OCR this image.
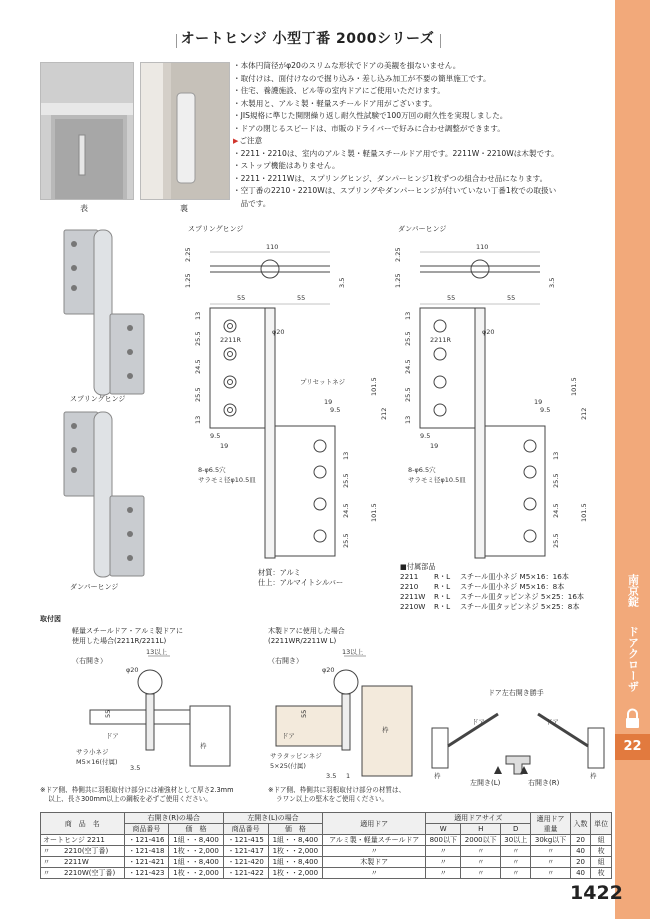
南京錠
ドアクローザ
22
オートヒンジ 小型丁番 2000シリーズ
表	裏
・本体円筒径がφ20のスリムな形状でドアの美観を損ないません。
・取付けは、面付けなので掘り込み・差し込み加工が不要の簡単施工です。
・住宅、養護施設、ビル等の室内ドアにご使用いただけます。
・木製用と、アルミ製・軽量スチールドア用がございます。
・JIS規格に準じた開閉繰り返し耐久性試験で100万回の耐久性を実現しました。
・ドアの閉じるスピードは、市販のドライバーで好みに合わせ調整ができます。
▶ ご注意
・2211・2210は、室内のアルミ製・軽量スチールドア用です。2211W・2210Wは木製です。
・ストップ機能はありません。
・2211・2211Wは、スプリングヒンジ、ダンパーヒンジ1枚ずつの組合わせ品になります。
・空丁番の2210・2210Wは、スプリングやダンパーヒンジが付いていない丁番1枚での取扱い
　品です。
スプリングヒンジ
ダンパーヒンジ
スプリングヒンジ	ダンパーヒンジ
110
2.25
1.25	3.5
110
2.25
1.25	3.5
55	55
φ20
2211R
13
25.5
24.5
25.5
13
101.5
212
13
25.5
24.5
25.5
101.5
プリセットネジ
19
9.5
9.5
19
8-φ6.5穴
サラモミ径φ10.5皿
55	55
φ20
2211R
13
25.5
24.5
25.5
13
101.5
212
13
25.5
24.5
25.5
101.5
19
9.5
9.5
19
8-φ6.5穴
サラモミ径φ10.5皿
材質：アルミ
仕上：アルマイトシルバー
■付属部品
2211 R・L スチール皿小ネジ M5×16：16本
2210 R・L スチール皿小ネジ M5×16：8本
2211W R・L スチール皿タッピンネジ 5×25：16本
2210W R・L スチール皿タッピンネジ 5×25：8本
取付図
軽量スチールドア・アルミ製ドアに
使用した場合(2211R/2211L)
木製ドアに使用した場合
(2211WR/2211W L)
（右開き）	（右開き）
13以上
φ20
55
ドア
枠
サラ小ネジ
M5×16(付属)
3.5
13以上
φ20
55
ドア
枠
サラタッピンネジ
5×25(付属)
3.5 1
ドア左右開き勝手
ドア	ドア
枠	枠
左開き(L)	右開き(R)
※ドア側、枠側共に羽根取付け部分には補強材として厚さ2.3mm
以上、長さ300mm以上の鋼板を必ずご使用ください。
※ドア側、枠側共に羽根取付け部分の材質は、
ラワン以上の堅木をご使用ください。
商　品　名	右開き(R)の場合		左開き(L)の場合		適用ドア	適用ドアサイズ			適用ドア
重量	入数	単位
	商品番号	価　格	商品番号	価　格		W	H	D			
オートヒンジ 2211	・121-416	1組・・8,400	・121-415	1組・・8,400	アルミ製・軽量スチールドア	800以下	2000以下	30以上	30kg以下	20	組
〃　　2210(空丁番)	・121-418	1枚・・2,000	・121-417	1枚・・2,000	〃	〃	〃	〃	〃	40	枚
〃　　2211W	・121-421	1組・・8,400	・121-420	1組・・8,400	木製ドア	〃	〃	〃	〃	20	組
〃　　2210W(空丁番)	・121-423	1枚・・2,000	・121-422	1枚・・2,000	〃	〃	〃	〃	〃	40	枚
1422
